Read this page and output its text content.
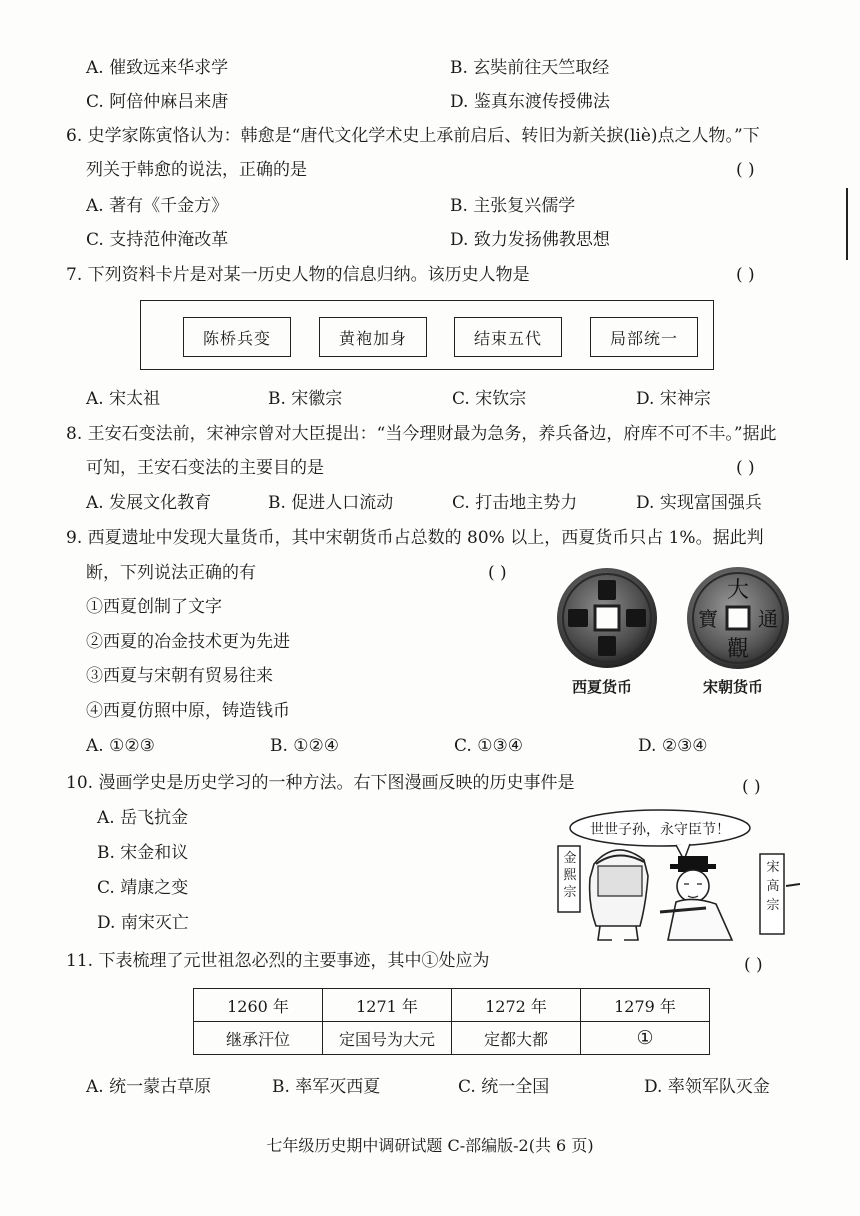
A. 催致远来华求学	B. 玄奘前往天竺取经
C. 阿倍仲麻吕来唐	D. 鉴真东渡传授佛法
6. 史学家陈寅恪认为：韩愈是“唐代文化学术史上承前启后、转旧为新关捩(liè)点之人物。”下
列关于韩愈的说法，正确的是	( )
A. 著有《千金方》	B. 主张复兴儒学
C. 支持范仲淹改革	D. 致力发扬佛教思想
7. 下列资料卡片是对某一历史人物的信息归纳。该历史人物是	( )
陈桥兵变	黄袍加身	结束五代	局部统一
A. 宋太祖	B. 宋徽宗	C. 宋钦宗	D. 宋神宗
8. 王安石变法前，宋神宗曾对大臣提出：“当今理财最为急务，养兵备边，府库不可不丰。”据此
可知，王安石变法的主要目的是	( )
A. 发展文化教育	B. 促进人口流动	C. 打击地主势力	D. 实现富国强兵
9. 西夏遗址中发现大量货币，其中宋朝货币占总数的 80% 以上，西夏货币只占 1%。据此判
断，下列说法正确的有	( )
①西夏创制了文字
②西夏的冶金技术更为先进
③西夏与宋朝有贸易往来
④西夏仿照中原，铸造钱币
A. ①②③	B. ①②④	C. ①③④	D. ②③④
大
通
觀
寶
西夏货币	宋朝货币
10. 漫画学史是历史学习的一种方法。右下图漫画反映的历史事件是	( )
A. 岳飞抗金
B. 宋金和议
C. 靖康之变
D. 南宋灭亡
世世子孙，永守臣节！
金熙宗
宋高宗
11. 下表梳理了元世祖忽必烈的主要事迹，其中①处应为	( )
1260 年	1271 年	1272 年	1279 年
继承汗位	定国号为大元	定都大都	①
A. 统一蒙古草原	B. 率军灭西夏	C. 统一全国	D. 率领军队灭金
七年级历史期中调研试题 C-部编版-2(共 6 页)
